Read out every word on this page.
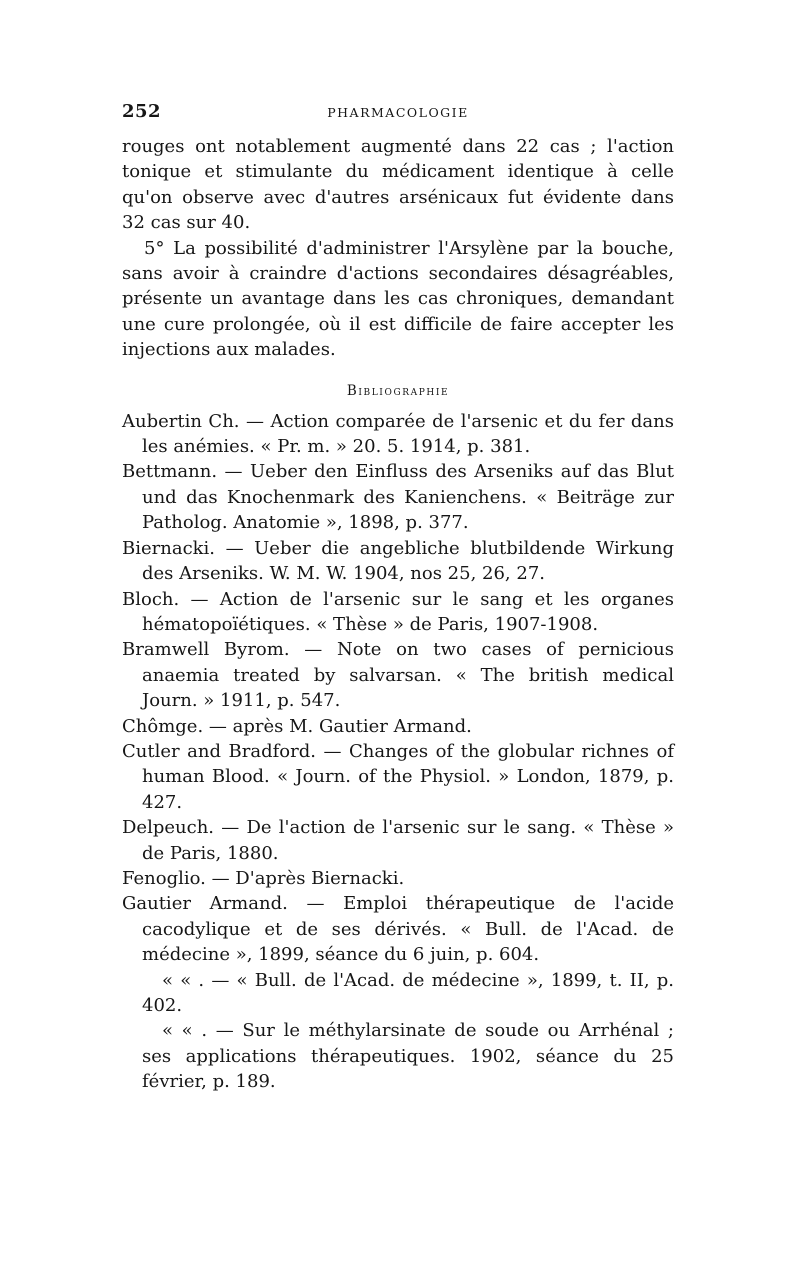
252	PHARMACOLOGIE

rouges ont notablement augmenté dans 22 cas ; l'action tonique et stimulante du médicament identique à celle qu'on observe avec d'autres arsénicaux fut évidente dans 32 cas sur 40.

5° La possibilité d'administrer l'Arsylène par la bouche, sans avoir à craindre d'actions secondaires désagréables, présente un avantage dans les cas chroniques, demandant une cure prolongée, où il est difficile de faire accepter les injections aux malades.

Bibliographie

Aubertin Ch. — Action comparée de l'arsenic et du fer dans les anémies. « Pr. m. » 20. 5. 1914, p. 381.

Bettmann. — Ueber den Einfluss des Arseniks auf das Blut und das Knochenmark des Kanienchens. « Beiträge zur Patholog. Anatomie », 1898, p. 377.

Biernacki. — Ueber die angebliche blutbildende Wirkung des Arseniks. W. M. W. 1904, nos 25, 26, 27.

Bloch. — Action de l'arsenic sur le sang et les organes hématopoïétiques. « Thèse » de Paris, 1907-1908.

Bramwell Byrom. — Note on two cases of pernicious anaemia treated by salvarsan. « The british medical Journ. » 1911, p. 547.

Chômge. — après M. Gautier Armand.

Cutler and Bradford. — Changes of the globular richnes of human Blood. « Journ. of the Physiol. » London, 1879, p. 427.

Delpeuch. — De l'action de l'arsenic sur le sang. « Thèse » de Paris, 1880.

Fenoglio. — D'après Biernacki.

Gautier Armand. — Emploi thérapeutique de l'acide cacodylique et de ses dérivés. « Bull. de l'Acad. de médecine », 1899, séance du 6 juin, p. 604.

« « . — « Bull. de l'Acad. de médecine », 1899, t. II, p. 402.

« « . — Sur le méthylarsinate de soude ou Arrhénal ; ses applications thérapeutiques. 1902, séance du 25 février, p. 189.
